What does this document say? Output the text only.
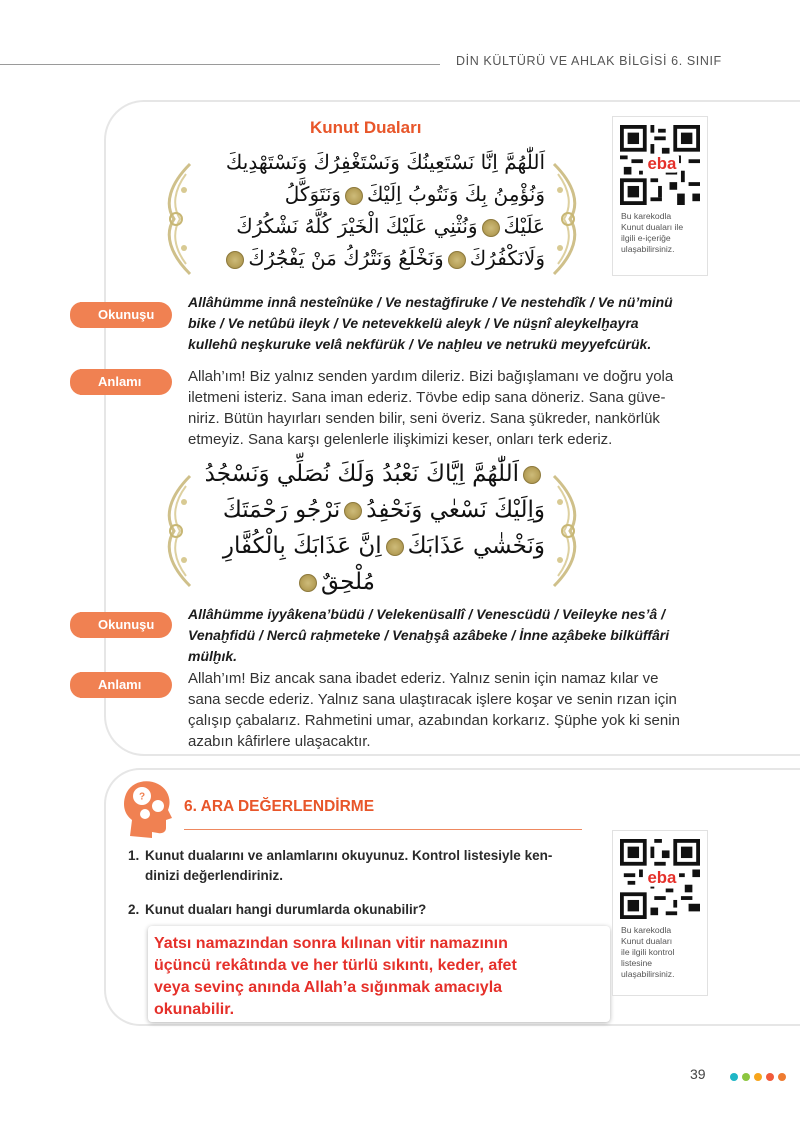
DİN KÜLTÜRÜ VE AHLAK BİLGİSİ 6. SINIF
Kunut Duaları
اَللّٰهُمَّ اِنَّا نَسْتَعِينُكَ وَنَسْتَغْفِرُكَ وَنَسْتَهْدِيكَ
وَنُؤْمِنُ بِكَ وَنَتُوبُ اِلَيْكَوَنَتَوَكَّلُ
عَلَيْكَوَنُثْنِي عَلَيْكَ الْخَيْرَ كُلَّهُ نَشْكُرُكَ
وَلَانَكْفُرُكَوَنَخْلَعُ وَنَتْرُكُ مَنْ يَفْجُرُكَ
eba
Bu karekodla
Kunut duaları ile
ilgili e-içeriğe
ulaşabilirsiniz.
Okunuşu
Allâhümme innâ nesteînüke / Ve nestağfiruke / Ve nestehdîk / Ve nü’minü
bike / Ve netûbü ileyk / Ve netevekkelü aleyk / Ve nüs̱nî aleykelḫayra
kullehû neşkuruke velâ nekfürük / Ve naḫleu ve netrukü meyyefcürük.
Anlamı	Allah’ım! Biz yalnız senden yardım dileriz. Bizi bağışlamanı ve doğru yola
iletmeni isteriz. Sana iman ederiz. Tövbe edip sana döneriz. Sana güve-
niriz. Bütün hayırları senden bilir, seni överiz. Sana şükreder, nankörlük
etmeyiz. Sana karşı gelenlerle ilişkimizi keser, onları terk ederiz.
اَللّٰهُمَّ اِيَّاكَ نَعْبُدُ وَلَكَ نُصَلِّي وَنَسْجُدُ
وَاِلَيْكَ نَسْعٰي وَنَحْفِدُنَرْجُو رَحْمَتَكَ
وَنَخْشٰي عَذَابَكَاِنَّ عَذَابَكَ بِالْكُفَّارِ
مُلْحِقٌ
Okunuşu
Allâhümme iyyâkena’büdü / Velekenüsallî / Venescüdü / Veileyke nes’â /
Venaḫfidü / Nercû raḥmeteke / Venaḫşâ azâbeke / İnne az̧âbeke bilküffâri
mülḫık.
Anlamı	Allah’ım! Biz ancak sana ibadet ederiz. Yalnız senin için namaz kılar ve
sana secde ederiz. Yalnız sana ulaştıracak işlere koşar ve senin rızan için
çalışıp çabalarız. Rahmetini umar, azabından korkarız. Şüphe yok ki senin
azabın kâfirlere ulaşacaktır.
?
6. ARA DEĞERLENDİRME
1. Kunut dualarını ve anlamlarını okuyunuz. Kontrol listesiyle ken-
dinizi değerlendiriniz.
2. Kunut duaları hangi durumlarda okunabilir?
Yatsı namazından sonra kılınan vitir namazının
üçüncü rekâtında ve her türlü sıkıntı, keder, afet
veya sevinç anında Allah’a sığınmak amacıyla
okunabilir.
eba
Bu karekodla
Kunut duaları
ile ilgili kontrol
listesine
ulaşabilirsiniz.
39
